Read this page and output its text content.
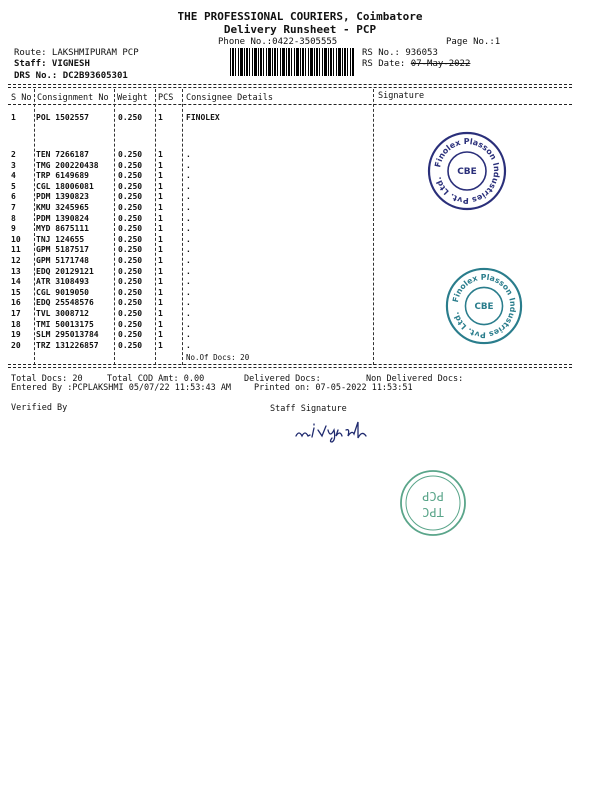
THE PROFESSIONAL COURIERS, Coimbatore
Delivery Runsheet - PCP
Phone No.:0422-3505555	Page No.:1
Route: LAKSHMIPURAM PCP
Staff: VIGNESH
DRS No.: DC2B93605301
RS No.: 936053
RS Date: 07-May-2022
S No Consignment No Weight PCS Consignee Details	Signature
1	POL 1502557	0.250 1	FINOLEX
2	TEN 7266187	0.250 1	.
3	TMG 200220438 0.250 1	.
4	TRP 6149689	0.250 1	.
5	CGL 18006081	0.250 1	.
6	PDM 1390823	0.250 1	.
7	KMU 3245965	0.250 1	.
8	PDM 1390824	0.250 1	.
9	MYD 8675111	0.250 1	.
10 TNJ 124655	0.250 1	.
11 GPM 5187517	0.250 1	.
12 GPM 5171748	0.250 1	.
13 EDQ 20129121	0.250 1	.
14 ATR 3108493	0.250 1	.
15 CGL 9019050	0.250 1	.
16 EDQ 25548576	0.250 1	.
17 TVL 3008712	0.250 1	.
18 TMI 50013175	0.250 1	.
19 SLM 295013784 0.250 1	.
20 TRZ 131226857 0.250 1	.
No.Of Docs: 20
Total Docs: 20	Total COD Amt: 0.00	Delivered Docs:	Non Delivered Docs:
Entered By :PCPLAKSHMI 05/07/22 11:53:43 AM	Printed on: 07-05-2022 11:53:51
Verified By	Staff Signature
Finolex Plasson Industries Pvt. Ltd.
CBE
Finolex Plasson Industries Pvt. Ltd.
CBE
TPC
PCP
